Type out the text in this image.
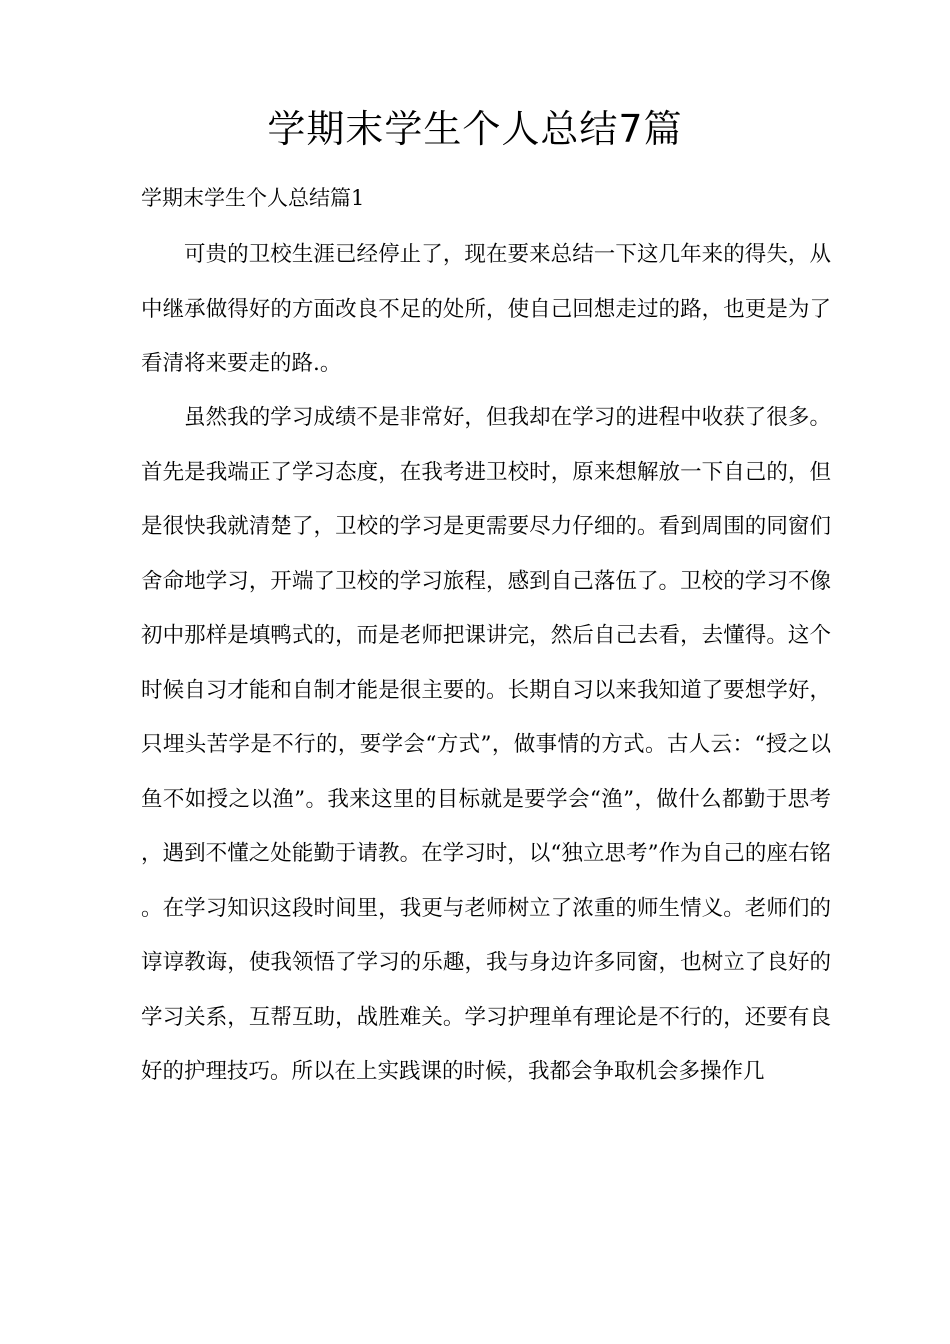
学期末学生个人总结7篇
学期末学生个人总结篇1

可贵的卫校生涯已经停止了，现在要来总结一下这几年来的得失，从中继承做得好的方面改良不足的处所，使自己回想走过的路，也更是为了看清将来要走的路.。

虽然我的学习成绩不是非常好，但我却在学习的进程中收获了很多。首先是我端正了学习态度，在我考进卫校时，原来想解放一下自己的，但是很快我就清楚了，卫校的学习是更需要尽力仔细的。看到周围的同窗们舍命地学习，开端了卫校的学习旅程，感到自己落伍了。卫校的学习不像初中那样是填鸭式的，而是老师把课讲完，然后自己去看，去懂得。这个时候自习才能和自制才能是很主要的。长期自习以来我知道了要想学好，只埋头苦学是不行的，要学会“方式”，做事情的方式。古人云：“授之以鱼不如授之以渔”。我来这里的目标就是要学会“渔”，做什么都勤于思考，遇到不懂之处能勤于请教。在学习时，以“独立思考”作为自己的座右铭。在学习知识这段时间里，我更与老师树立了浓重的师生情义。老师们的谆谆教诲，使我领悟了学习的乐趣，我与身边许多同窗，也树立了良好的学习关系，互帮互助，战胜难关。学习护理单有理论是不行的，还要有良好的护理技巧。所以在上实践课的时候，我都会争取机会多操作几
